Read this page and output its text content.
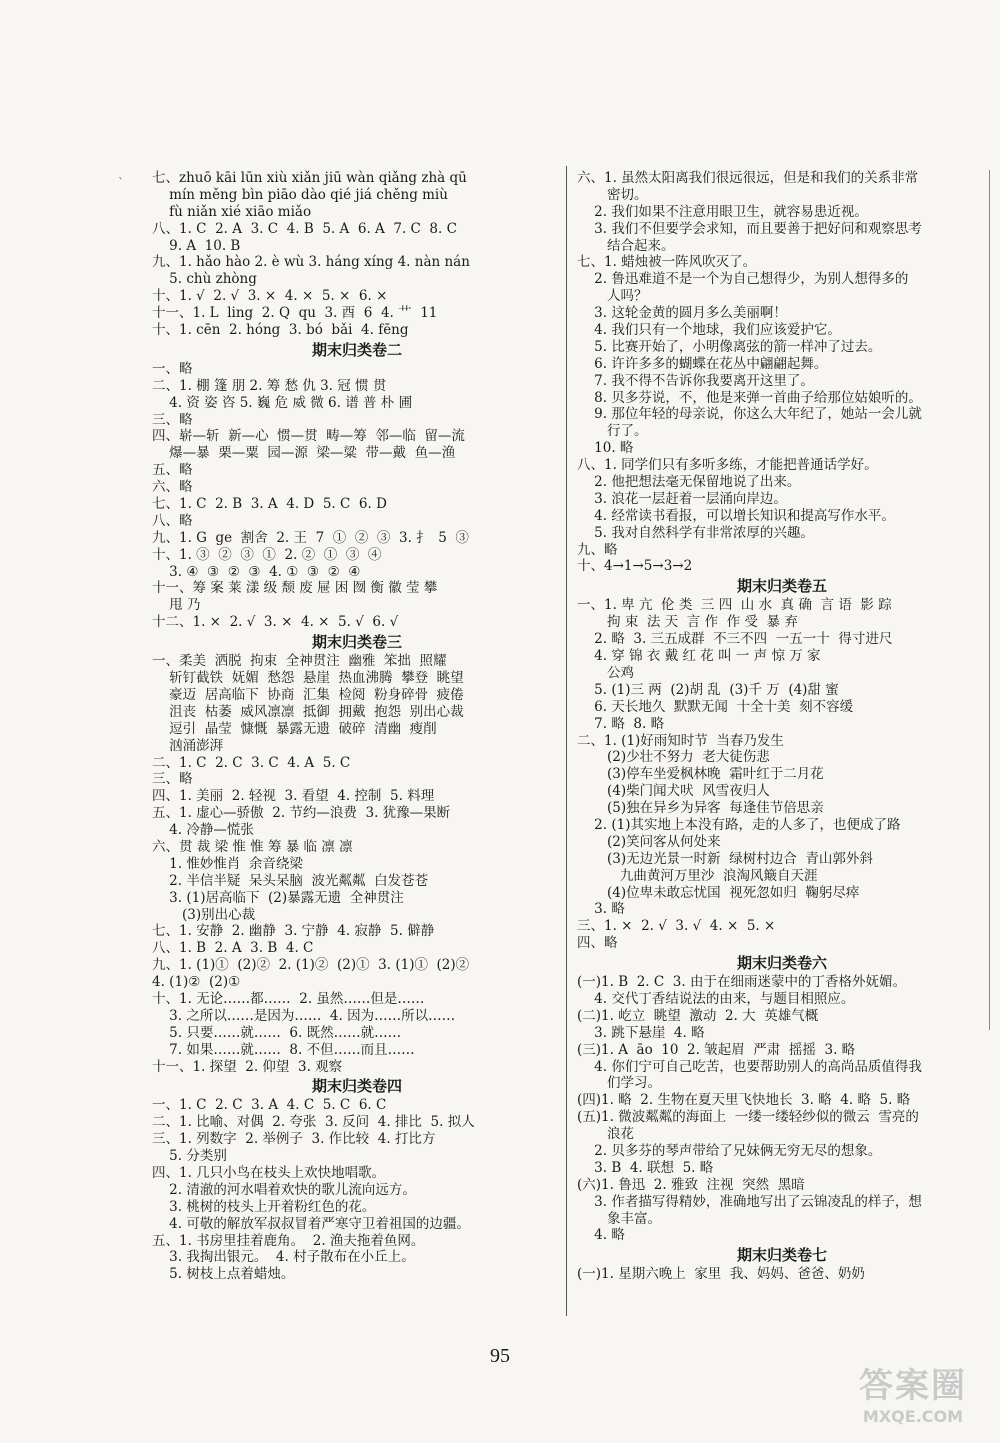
ˋ 七、zhuō kāi lūn xiù xiǎn jiū wàn qiǎng zhà qū
mín měng bìn piāo dào qié jiá chěng miù
fù niǎn xié xiāo miǎo
八、1. C  2. A  3. C  4. B  5. A  6. A  7. C  8. C
9. A  10. B
九、1. hǎo hào 2. è wù 3. háng xíng 4. nàn nán
5. chù zhòng
十、1. √  2. √  3. ×  4. ×  5. ×  6. ×
十一、1. L  ling  2. Q  qu  3. 酉  6  4. 艹  11
十、1. cēn  2. hóng  3. bó  bǎi  4. fēng
期末归类卷二
一、略
二、1. 棚 篷 朋 2. 筹 愁 仇 3. 冠 惯 贯
4. 资 姿 咨 5. 巍 危 威 微 6. 谱 普 朴 圃
三、略
四、崭—斩  新—心  惯—贯  畴—筹  邻—临  留—流
爆—暴  栗—粟  园—源  梁—粱  带—戴  鱼—渔
五、略
六、略
七、1. C  2. B  3. A  4. D  5. C  6. D
八、略
九、1. G  ge  割舍  2. 王  7  ①  ②  ③  3. 扌  5  ③
十、1. ③  ②  ③  ①  2. ②  ①  ③  ④
3. ④  ③  ②  ③  4. ①  ③  ②  ④
十一、筹 案 莱 漾 级 颓 废 屉 困 囫 衡 徽 莹 攀
甩 乃
十二、1. ×  2. √  3. ×  4. ×  5. √  6. √
期末归类卷三
一、柔美  洒脱  拘束  全神贯注  幽雅  笨拙  照耀
斩钉截铁  妩媚  愁怨  悬崖  热血沸腾  攀登  眺望
豪迈  居高临下  协商  汇集  检阅  粉身碎骨  疲倦
沮丧  枯萎  威风凛凛  抵御  拥戴  抱怨  别出心裁
逗引  晶莹  慷慨  暴露无遗  破碎  清幽  瘦削
汹涌澎湃
二、1. C  2. C  3. C  4. A  5. C
三、略
四、1. 美丽  2. 轻视  3. 看望  4. 控制  5. 料理
五、1. 虚心—骄傲  2. 节约—浪费  3. 犹豫—果断
4. 冷静—慌张
六、贯 裁 梁 惟 惟 筹 暴 临 凛 凛
1. 惟妙惟肖  余音绕梁
2. 半信半疑  呆头呆脑  波光粼粼  白发苍苍
3. (1)居高临下  (2)暴露无遗  全神贯注
(3)别出心裁
七、1. 安静  2. 幽静  3. 宁静  4. 寂静  5. 僻静
八、1. B  2. A  3. B  4. C
九、1. (1)①  (2)②  2. (1)②  (2)①  3. (1)①  (2)②
4. (1)②  (2)①
十、1. 无论……都……  2. 虽然……但是……
3. 之所以……是因为……  4. 因为……所以……
5. 只要……就……  6. 既然……就……
7. 如果……就……  8. 不但……而且……
十一、1. 探望  2. 仰望  3. 观察
期末归类卷四
一、1. C  2. C  3. A  4. C  5. C  6. C
二、1. 比喻、对偶  2. 夸张  3. 反问  4. 排比  5. 拟人
三、1. 列数字  2. 举例子  3. 作比较  4. 打比方
5. 分类别
四、1. 几只小鸟在枝头上欢快地唱歌。
2. 清澈的河水唱着欢快的歌儿流向远方。
3. 桃树的枝头上开着粉红色的花。
4. 可敬的解放军叔叔冒着严寒守卫着祖国的边疆。
五、1. 书房里挂着鹿角。  2. 渔夫拖着鱼网。
3. 我掏出银元。  4. 村子散布在小丘上。
5. 树枝上点着蜡烛。
六、1. 虽然太阳离我们很远很远，但是和我们的关系非常
密切。
2. 我们如果不注意用眼卫生，就容易患近视。
3. 我们不但要学会求知，而且要善于把好问和观察思考
结合起来。
七、1. 蜡烛被一阵风吹灭了。
2. 鲁迅难道不是一个为自己想得少，为别人想得多的
人吗？
3. 这轮金黄的圆月多么美丽啊！
4. 我们只有一个地球，我们应该爱护它。
5. 比赛开始了，小明像离弦的箭一样冲了过去。
6. 许许多多的蝴蝶在花丛中翩翩起舞。
7. 我不得不告诉你我要离开这里了。
8. 贝多芬说，不，他是来弹一首曲子给那位姑娘听的。
9. 那位年轻的母亲说，你这么大年纪了，她站一会儿就
行了。
10. 略
八、1. 同学们只有多听多练，才能把普通话学好。
2. 他把想法毫无保留地说了出来。
3. 浪花一层赶着一层涌向岸边。
4. 经常读书看报，可以增长知识和提高写作水平。
5. 我对自然科学有非常浓厚的兴趣。
九、略
十、4→1→5→3→2
期末归类卷五
一、1. 卑 亢  伦 类  三 四  山 水  真 确  言 语  影 踪
拘 束  法 天  言 作  作 受  暴 弃
2. 略  3. 三五成群  不三不四  一五一十  得寸进尺
4. 穿 锦 衣 戴 红 花 叫 一 声 惊 万 家
公鸡
5. (1)三 两  (2)胡 乱  (3)千 万  (4)甜 蜜
6. 天长地久  默默无闻  十全十美  刻不容缓
7. 略  8. 略
二、1. (1)好雨知时节  当春乃发生
(2)少壮不努力  老大徒伤悲
(3)停车坐爱枫林晚  霜叶红于二月花
(4)柴门闻犬吠  风雪夜归人
(5)独在异乡为异客  每逢佳节倍思亲
2. (1)其实地上本没有路，走的人多了，也便成了路
(2)笑问客从何处来
(3)无边光景一时新  绿树村边合  青山郭外斜
九曲黄河万里沙  浪淘风簸自天涯
(4)位卑未敢忘忧国  视死忽如归  鞠躬尽瘁
3. 略
三、1. ×  2. √  3. √  4. ×  5. ×
四、略
期末归类卷六
(一)1. B  2. C  3. 由于在细雨迷蒙中的丁香格外妩媚。
4. 交代丁香结说法的由来，与题目相照应。
(二)1. 屹立  眺望  激动  2. 大  英雄气概
3. 跳下悬崖  4. 略
(三)1. A  āo  10  2. 皱起眉  严肃  摇摇  3. 略
4. 你们宁可自己吃苦，也要帮助别人的高尚品质值得我
们学习。
(四)1. 略  2. 生物在夏天里飞快地长  3. 略  4. 略  5. 略
(五)1. 微波粼粼的海面上  一缕一缕轻纱似的微云  雪亮的
浪花
2. 贝多芬的琴声带给了兄妹俩无穷无尽的想象。
3. B  4. 联想  5. 略
(六)1. 鲁迅  2. 雅致  注视  突然  黑暗
3. 作者描写得精妙，准确地写出了云锦凌乱的样子，想
象丰富。
4. 略
期末归类卷七
(一)1. 星期六晚上  家里  我、妈妈、爸爸、奶奶
95
答案圈
MXQE.COM
